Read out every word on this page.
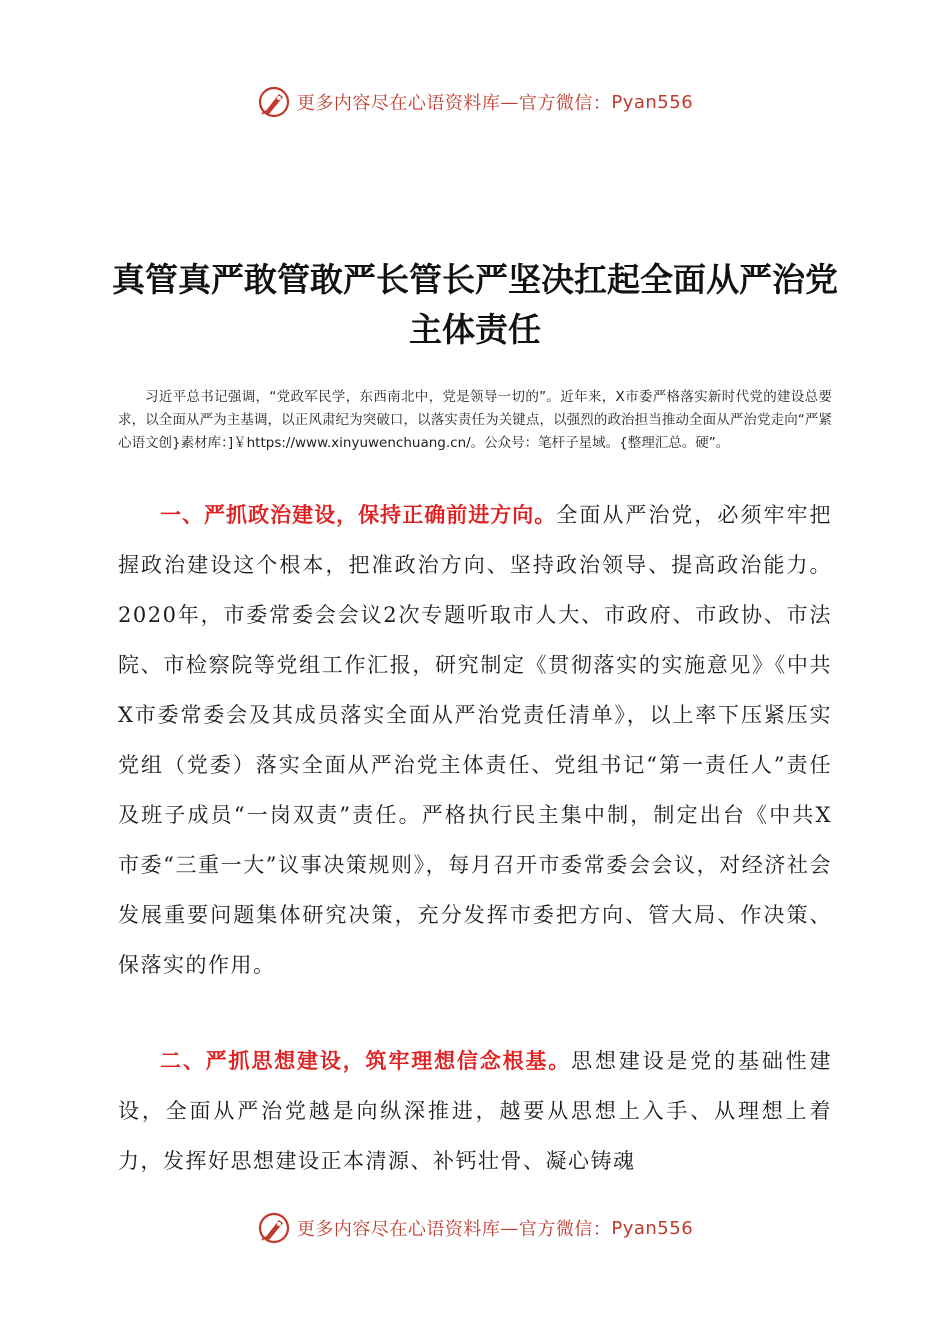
更多内容尽在心语资料库 — 官方微信： Pyan556
真管真严敢管敢严长管长严坚决扛起全面从严治党主体责任

习近平总书记强调，“党政军民学，东西南北中，党是领导一切的”。近年来，X市委严格落实新时代党的建设总要求，以全面从严为主基调，以正风肃纪为突破口，以落实责任为关键点，以强烈的政治担当推动全面从严治党走向“严紧心语文创}素材库：]￥https://www.xinyuwenchuang.cn/。公众号：笔杆子星域。{整理汇总。硬”。

一、严抓政治建设，保持正确前进方向。全面从严治党，必须牢牢把握政治建设这个根本，把准政治方向、坚持政治领导、提高政治能力。2020年，市委常委会会议2次专题听取市人大、市政府、市政协、市法院、市检察院等党组工作汇报，研究制定《贯彻落实的实施意见》《中共X市委常委会及其成员落实全面从严治党责任清单》，以上率下压紧压实党组（党委）落实全面从严治党主体责任、党组书记“第一责任人”责任及班子成员“一岗双责”责任。严格执行民主集中制，制定出台《中共X市委“三重一大”议事决策规则》，每月召开市委常委会会议，对经济社会发展重要问题集体研究决策，充分发挥市委把方向、管大局、作决策、保落实的作用。

二、严抓思想建设，筑牢理想信念根基。思想建设是党的基础性建设，全面从严治党越是向纵深推进，越要从思想上入手、从理想上着力，发挥好思想建设正本清源、补钙壮骨、凝心铸魂

更多内容尽在心语资料库 — 官方微信： Pyan556
